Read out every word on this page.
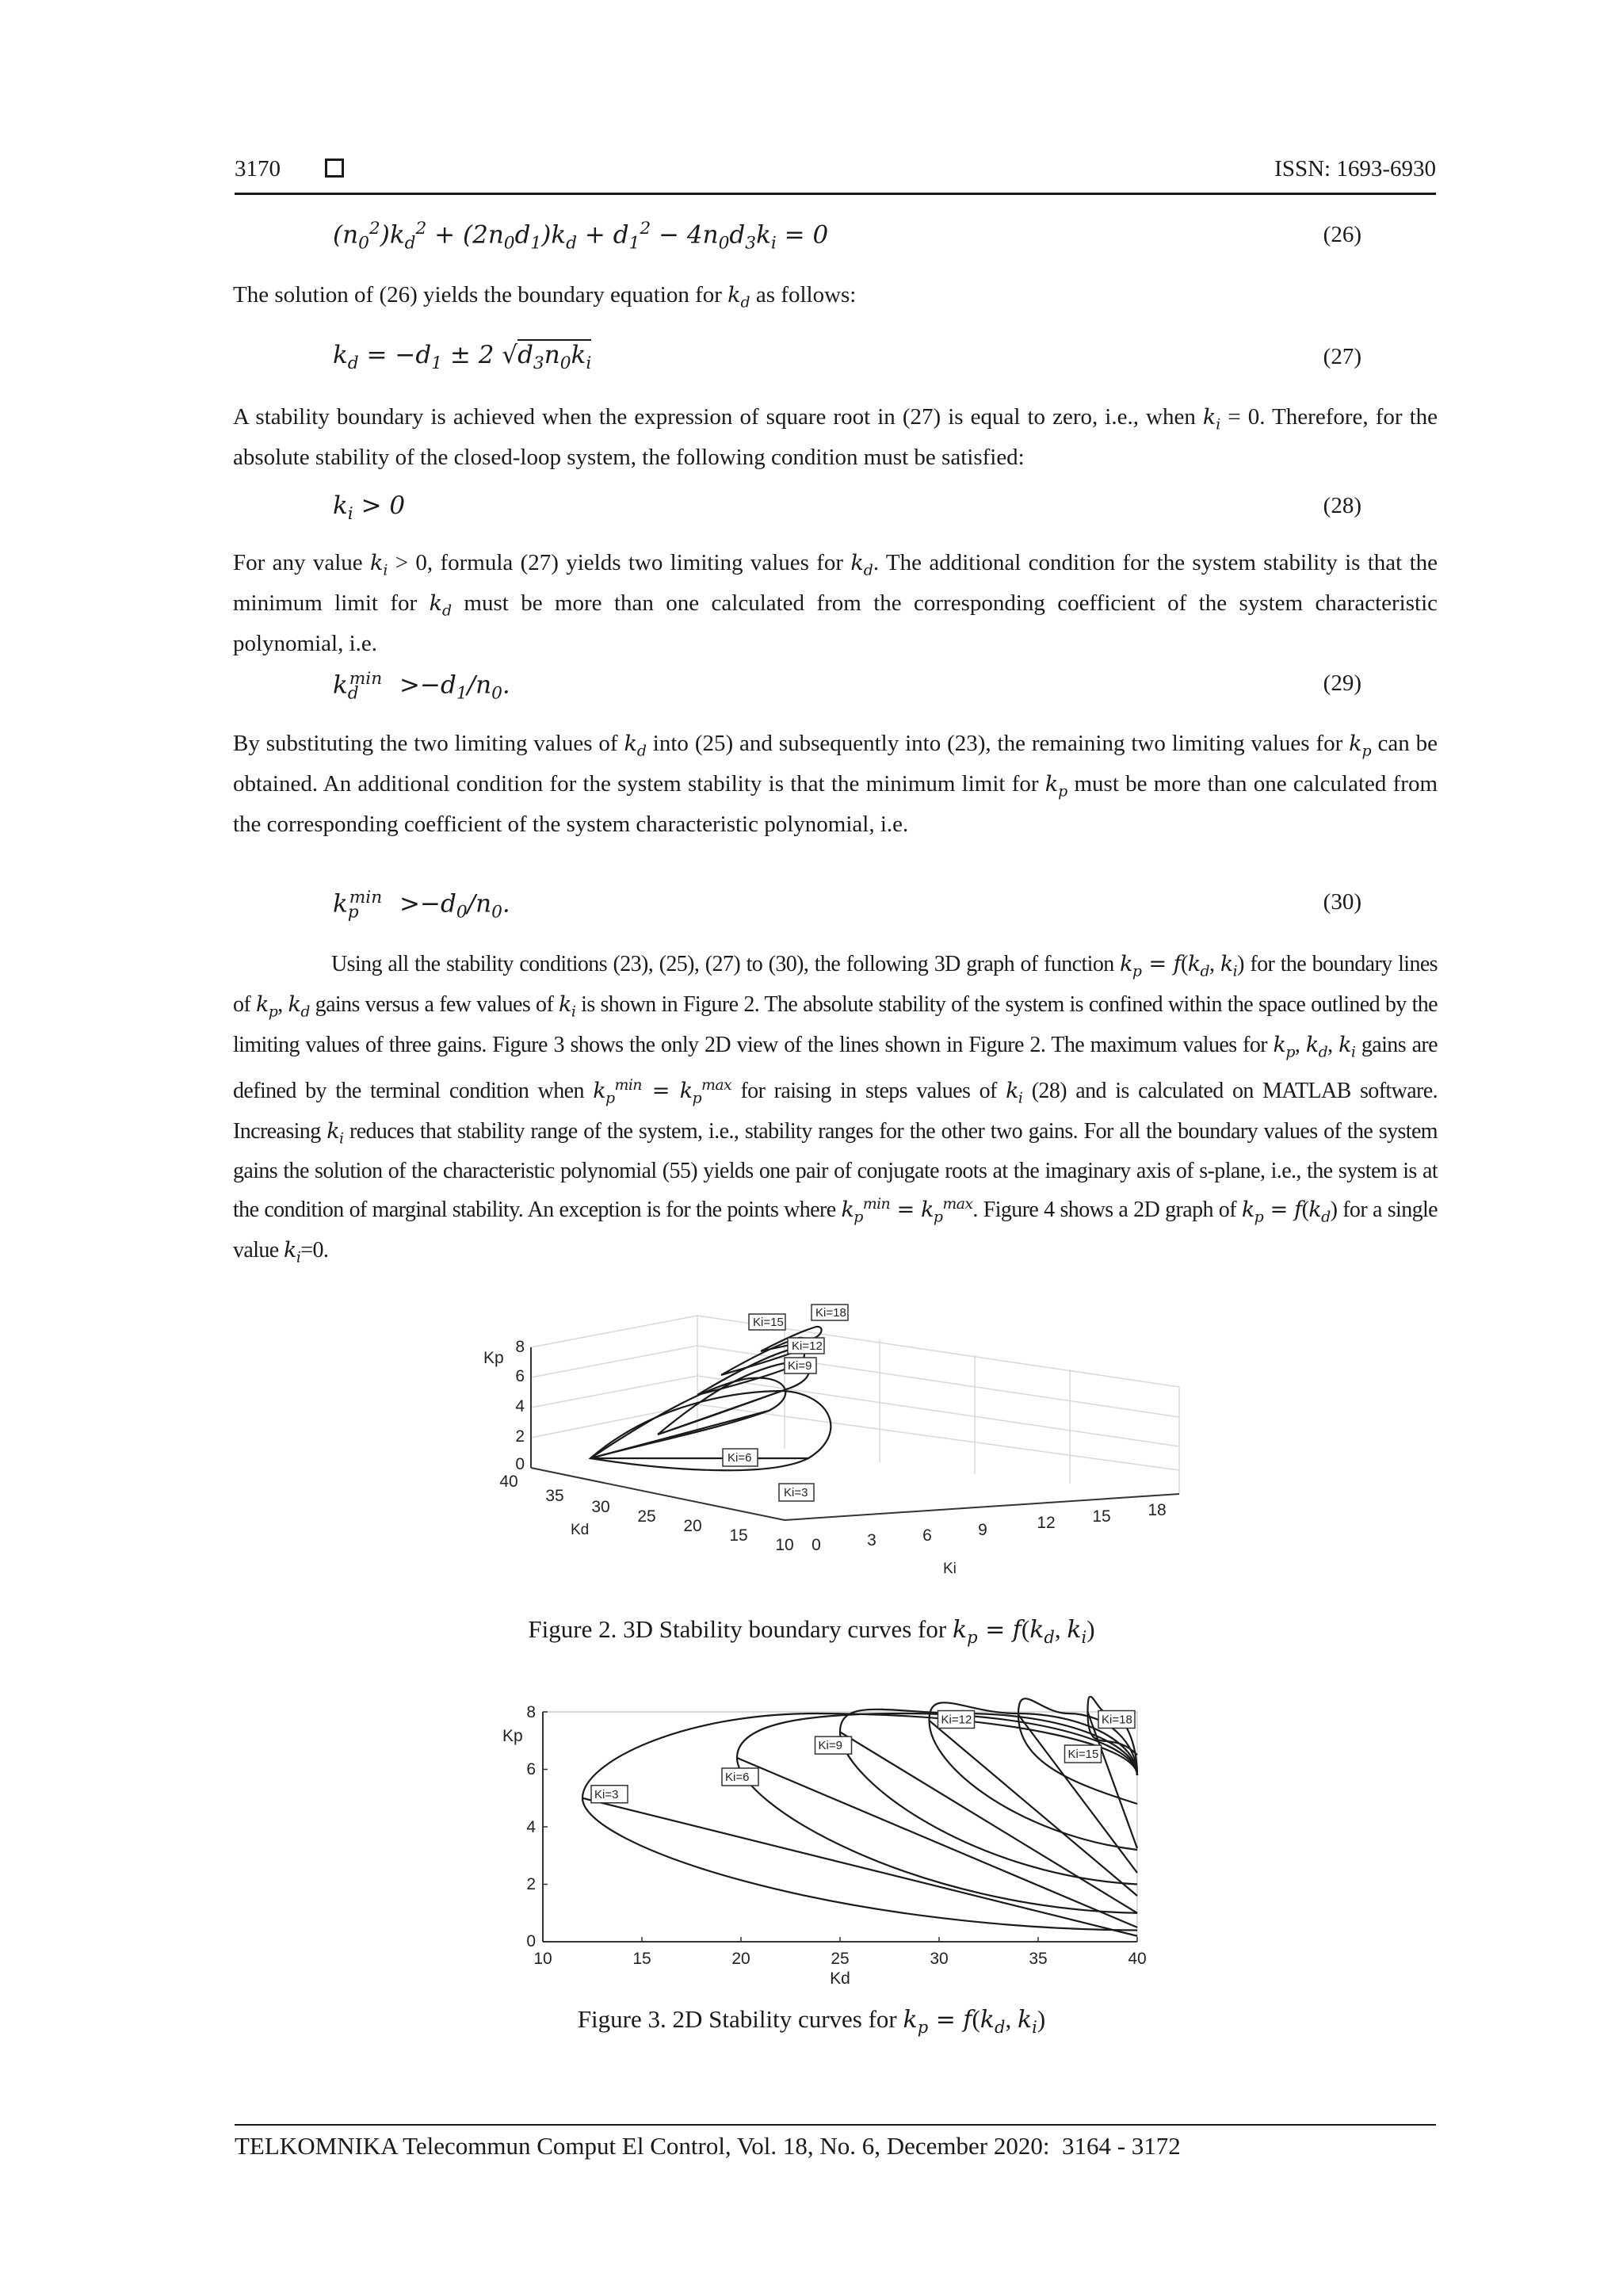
3170	ISSN: 1693-6930
$(n_0^2)k_d^2 + (2n_0d_1)k_d + d_1^2 - 4n_0d_3k_i = 0$	(26)
The solution of (26) yields the boundary equation for $k_d$ as follows:
$k_d = -d_1 \pm 2$ $√d_3n_0k_i$	(27)
A stability boundary is achieved when the expression of square root in (27) is equal to zero, i.e., when $k_i = 0$. Therefore, for the absolute stability of the closed-loop system, the following condition must be satisfied:
$k_i > 0$	(28)
For any value $k_i > 0$, formula (27) yields two limiting values for $k_d$. The additional condition for the system stability is that the minimum limit for $k_d$ must be more than one calculated from the corresponding coefficient of the system characteristic polynomial, i.e.
$k_d^{min} >-d_1/n_0$.	(29)
By substituting the two limiting values of $k_d$ into (25) and subsequently into (23), the remaining two limiting values for $k_p$ can be obtained. An additional condition for the system stability is that the minimum limit for $k_p$ must be more than one calculated from the corresponding coefficient of the system characteristic polynomial, i.e.
$k_p^{min} >-d_0/n_0$.	(30)
Using all the stability conditions (23), (25), (27) to (30), the following 3D graph of function $k_p = f(k_d$, $k_i$) for the boundary lines of $k_p$, $k_d$ gains versus a few values of $k_i$ is shown in Figure 2. The absolute stability of the system is confined within the space outlined by the limiting values of three gains. Figure 3 shows the only 2D view of the lines shown in Figure 2. The maximum values for $k_p$, $k_d$, $k_i$ gains are defined by the terminal condition when $k_p^{min} = k_p^{max}$ for raising in steps values of $k_i$ (28) and is calculated on MATLAB software. Increasing $k_i$ reduces that stability range of the system, i.e., stability ranges for the other two gains. For all the boundary values of the system gains the solution of the characteristic polynomial (55) yields one pair of conjugate roots at the imaginary axis of s-plane, i.e., the system is at the condition of marginal stability. An exception is for the points where $k_p^{min} = k_p^{max}$. Figure 4 shows a 2D graph of $k_p = f(k_d)$ for a single value $k_i=0$.
Ki=15
Ki=18
Ki=12
Ki=9
Ki=6
Ki=3
8
6
4
2
0
Kp
40
35
30
25
20
15
10
Kd
0	3	6	9	12 15 18
Ki
Figure 2. 3D Stability boundary curves for $k_p = f(k_d$, $k_i$)
Ki=3
Ki=6
Ki=9
Ki=12
Ki=15
Ki=18
8
6
4
2
0
Kp
10	15	20	25	30	35	40
Kd
Figure 3. 2D Stability curves for $k_p = f(k_d$, $k_i$)
TELKOMNIKA Telecommun Comput El Control, Vol. 18, No. 6, December 2020:  3164 - 3172
